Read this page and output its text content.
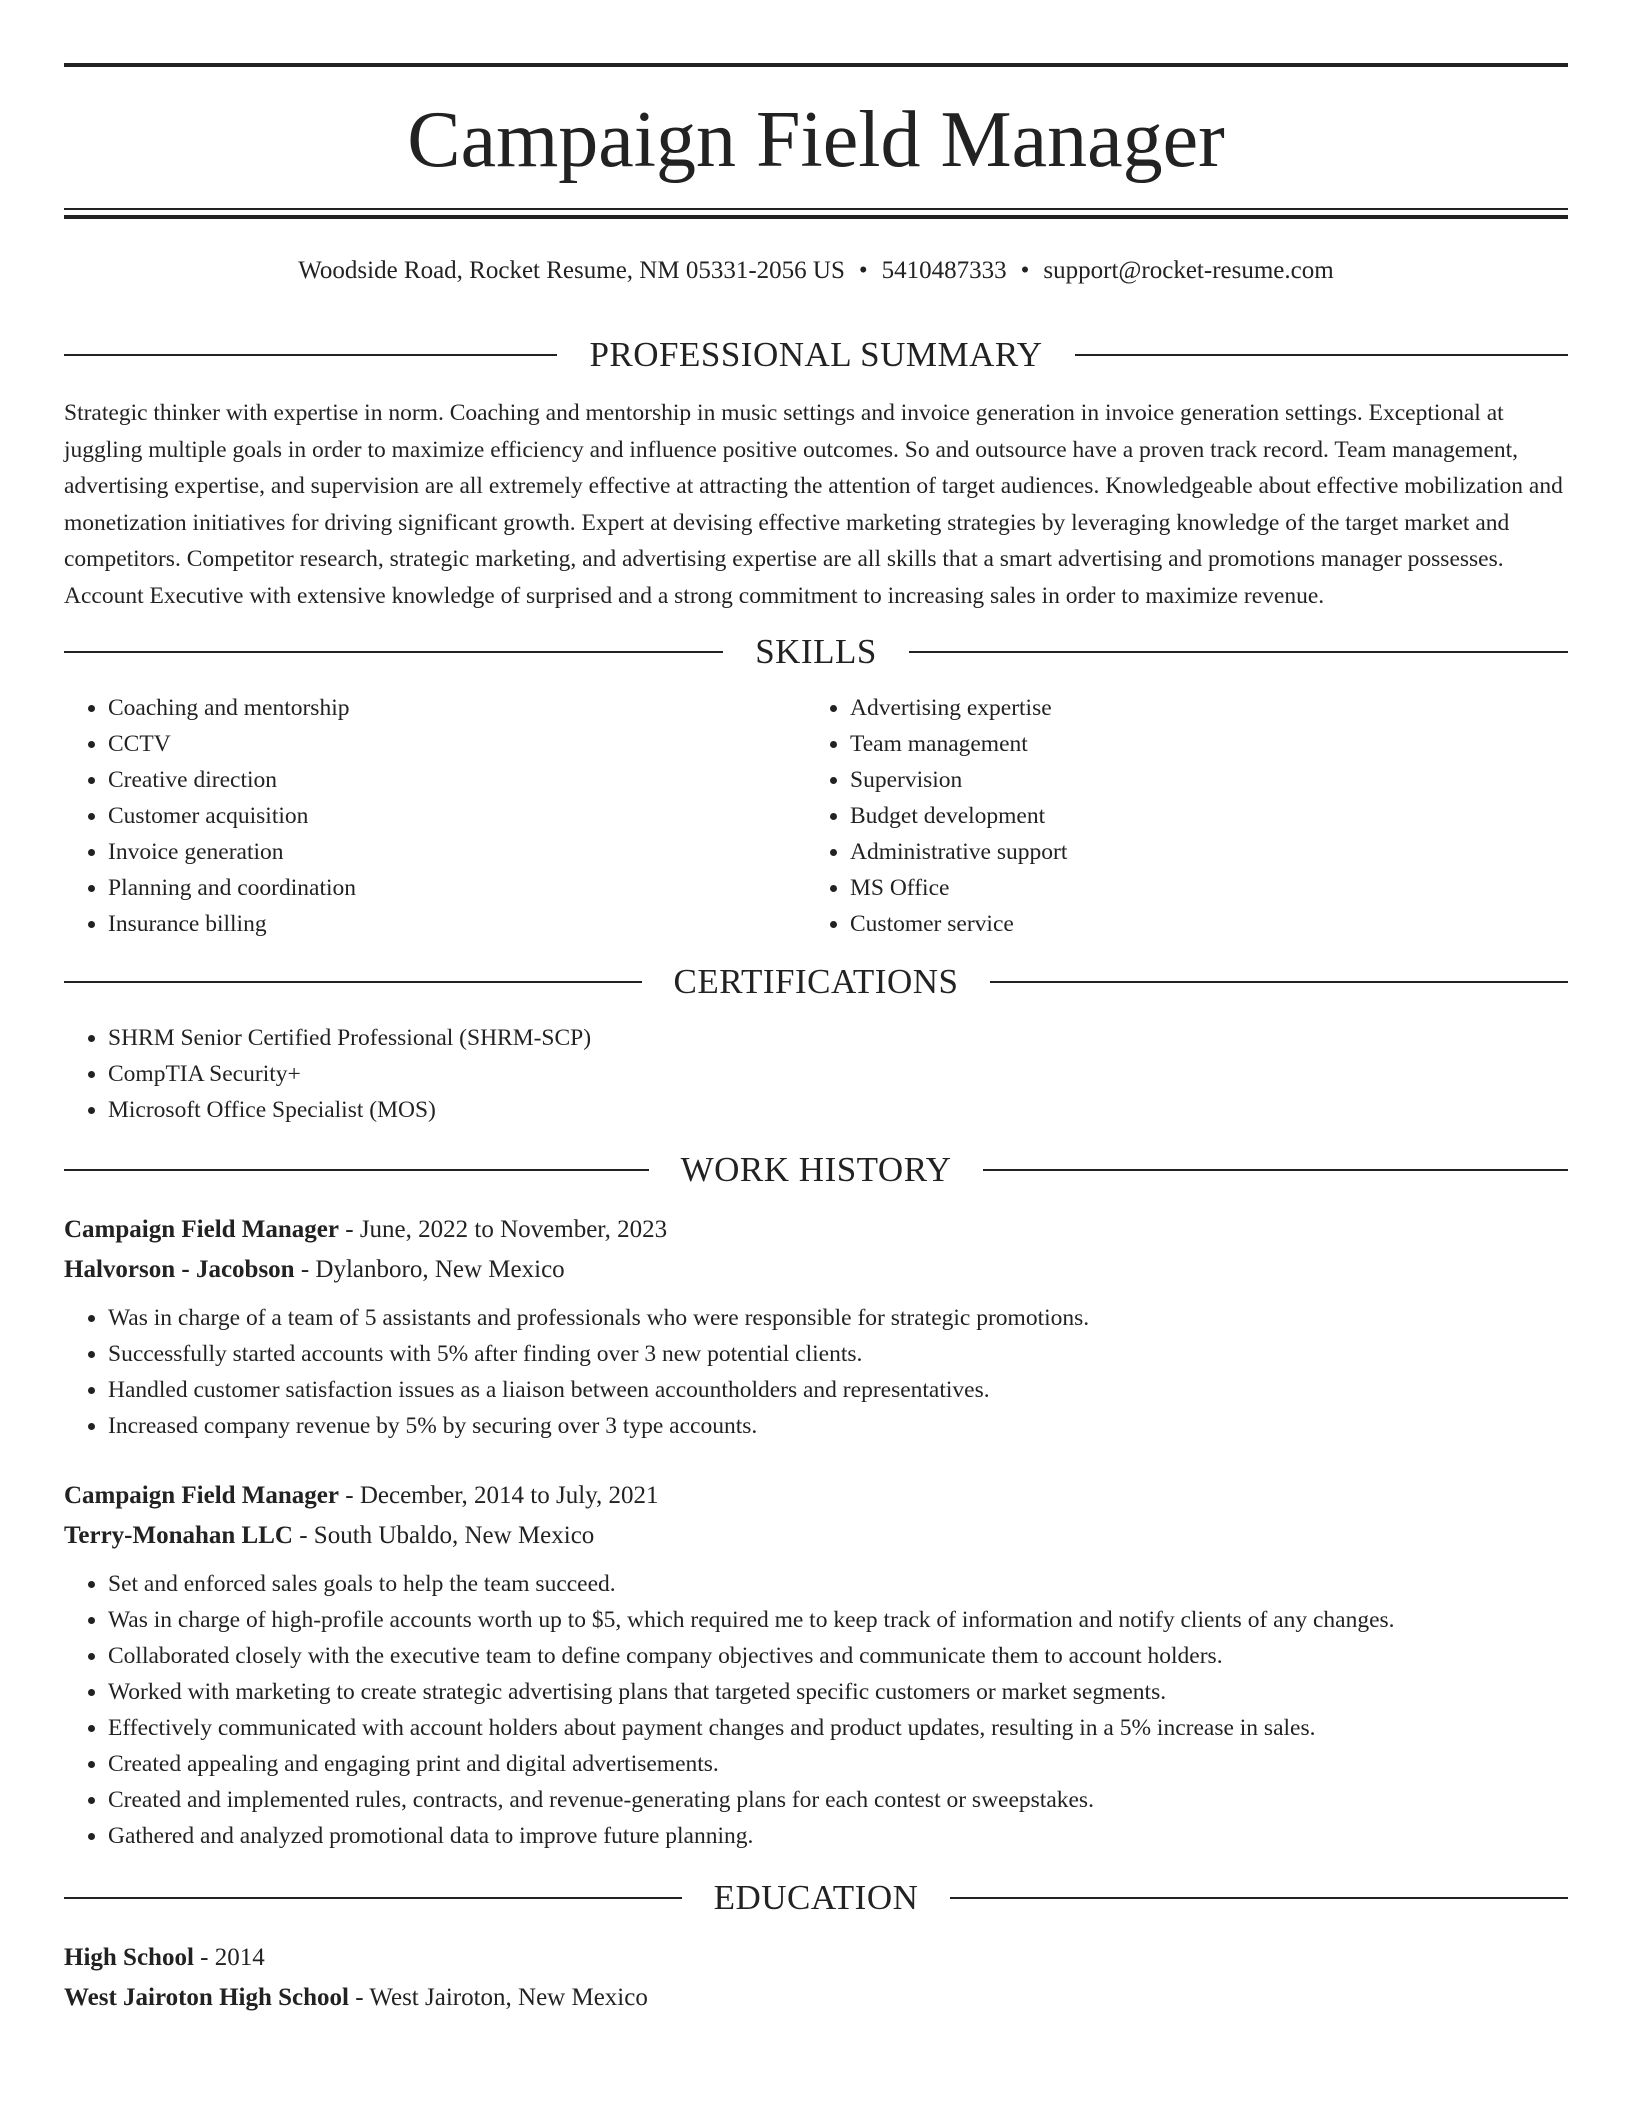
Campaign Field Manager
Woodside Road, Rocket Resume, NM 05331-2056 US • 5410487333 • support@rocket-resume.com
PROFESSIONAL SUMMARY

Strategic thinker with expertise in norm. Coaching and mentorship in music settings and invoice generation in invoice generation settings. Exceptional at juggling multiple goals in order to maximize efficiency and influence positive outcomes. So and outsource have a proven track record. Team management, advertising expertise, and supervision are all extremely effective at attracting the attention of target audiences. Knowledgeable about effective mobilization and monetization initiatives for driving significant growth. Expert at devising effective marketing strategies by leveraging knowledge of the target market and competitors. Competitor research, strategic marketing, and advertising expertise are all skills that a smart advertising and promotions manager possesses. Account Executive with extensive knowledge of surprised and a strong commitment to increasing sales in order to maximize revenue.

SKILLS
• Coaching and mentorship
• CCTV
• Creative direction
• Customer acquisition
• Invoice generation
• Planning and coordination
• Insurance billing
• Advertising expertise
• Team management
• Supervision
• Budget development
• Administrative support
• MS Office
• Customer service
CERTIFICATIONS
• SHRM Senior Certified Professional (SHRM-SCP)
• CompTIA Security+
• Microsoft Office Specialist (MOS)
WORK HISTORY
Campaign Field Manager - June, 2022 to November, 2023
Halvorson - Jacobson - Dylanboro, New Mexico
• Was in charge of a team of 5 assistants and professionals who were responsible for strategic promotions.
• Successfully started accounts with 5% after finding over 3 new potential clients.
• Handled customer satisfaction issues as a liaison between accountholders and representatives.
• Increased company revenue by 5% by securing over 3 type accounts.
Campaign Field Manager - December, 2014 to July, 2021
Terry-Monahan LLC - South Ubaldo, New Mexico
• Set and enforced sales goals to help the team succeed.
• Was in charge of high-profile accounts worth up to $5, which required me to keep track of information and notify clients of any changes.
• Collaborated closely with the executive team to define company objectives and communicate them to account holders.
• Worked with marketing to create strategic advertising plans that targeted specific customers or market segments.
• Effectively communicated with account holders about payment changes and product updates, resulting in a 5% increase in sales.
• Created appealing and engaging print and digital advertisements.
• Created and implemented rules, contracts, and revenue-generating plans for each contest or sweepstakes.
• Gathered and analyzed promotional data to improve future planning.
EDUCATION
High School - 2014
West Jairoton High School - West Jairoton, New Mexico
